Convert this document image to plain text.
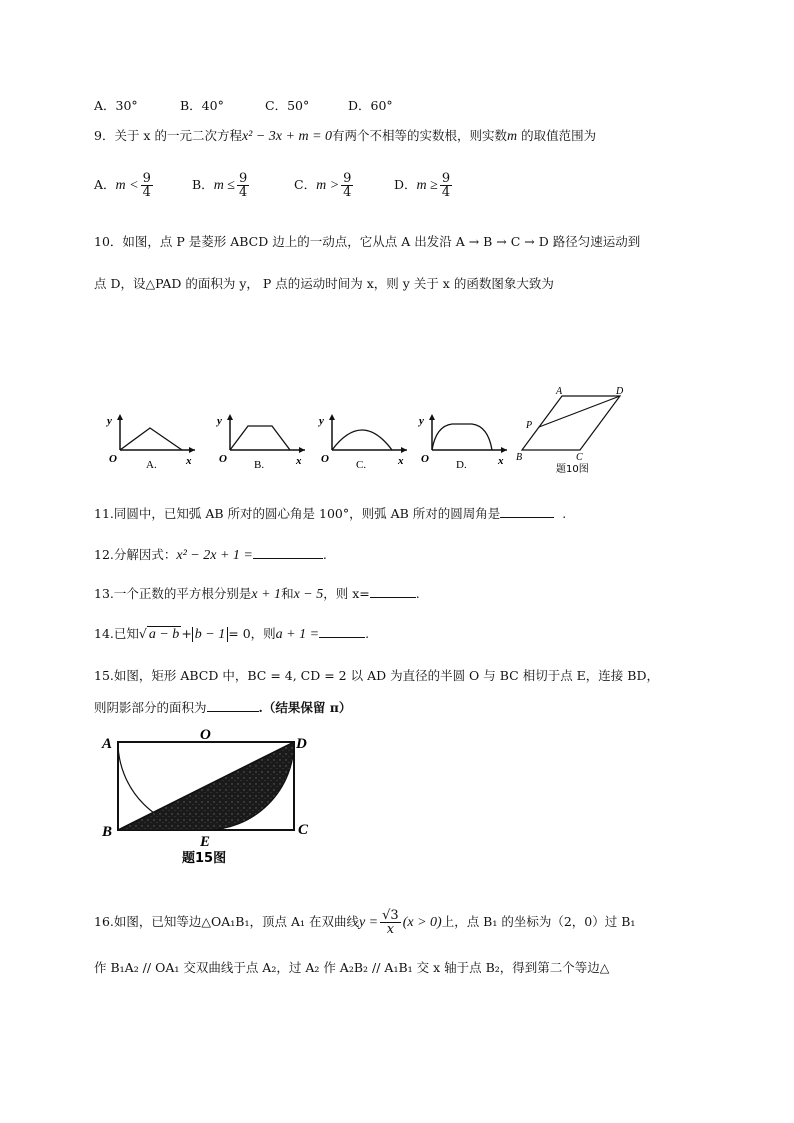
A．30°	B．40°	C．50°	D．60°
9．关于 x 的一元二次方程x² − 3x + m = 0有两个不相等的实数根，则实数m 的取值范围为
A．$m < \frac{9}{4}$	B．$m \le \frac{9}{4}$	C．$m > \frac{9}{4}$	D．$m \ge \frac{9}{4}$
10．如图，点 P 是菱形 ABCD 边上的一动点，它从点 A 出发沿 A → B → C → D 路径匀速运动到
点 D，设△PAD 的面积为 y， P 点的运动时间为 x，则 y 关于 x 的函数图象大致为
y
O	x
A.
y
O	x
B.
y
O	x
C.
y
O	x
D.
A	D
P
B	C
题10图
11.同圆中，已知弧 AB 所对的圆心角是 100°，则弧 AB 所对的圆周角是	.
12.分解因式：x² − 2x + 1 =	.
13.一个正数的平方根分别是x + 1和x − 5，则 x=	.
14.已知√ a − b + b − 1 = 0，则a + 1 =	.
15.如图，矩形 ABCD 中，BC = 4, CD = 2 以 AD 为直径的半圆 O 与 BC 相切于点 E，连接 BD，
则阴影部分的面积为	.（结果保留 π）
A
O
D
B
E
C
题15图
16.如图，已知等边△OA₁B₁，顶点 A₁ 在双曲线$y = \frac{√3}{x} (x > 0)$上，点 B₁ 的坐标为（2，0）过 B₁
作 B₁A₂ // OA₁ 交双曲线于点 A₂，过 A₂ 作 A₂B₂ // A₁B₁ 交 x 轴于点 B₂，得到第二个等边△
